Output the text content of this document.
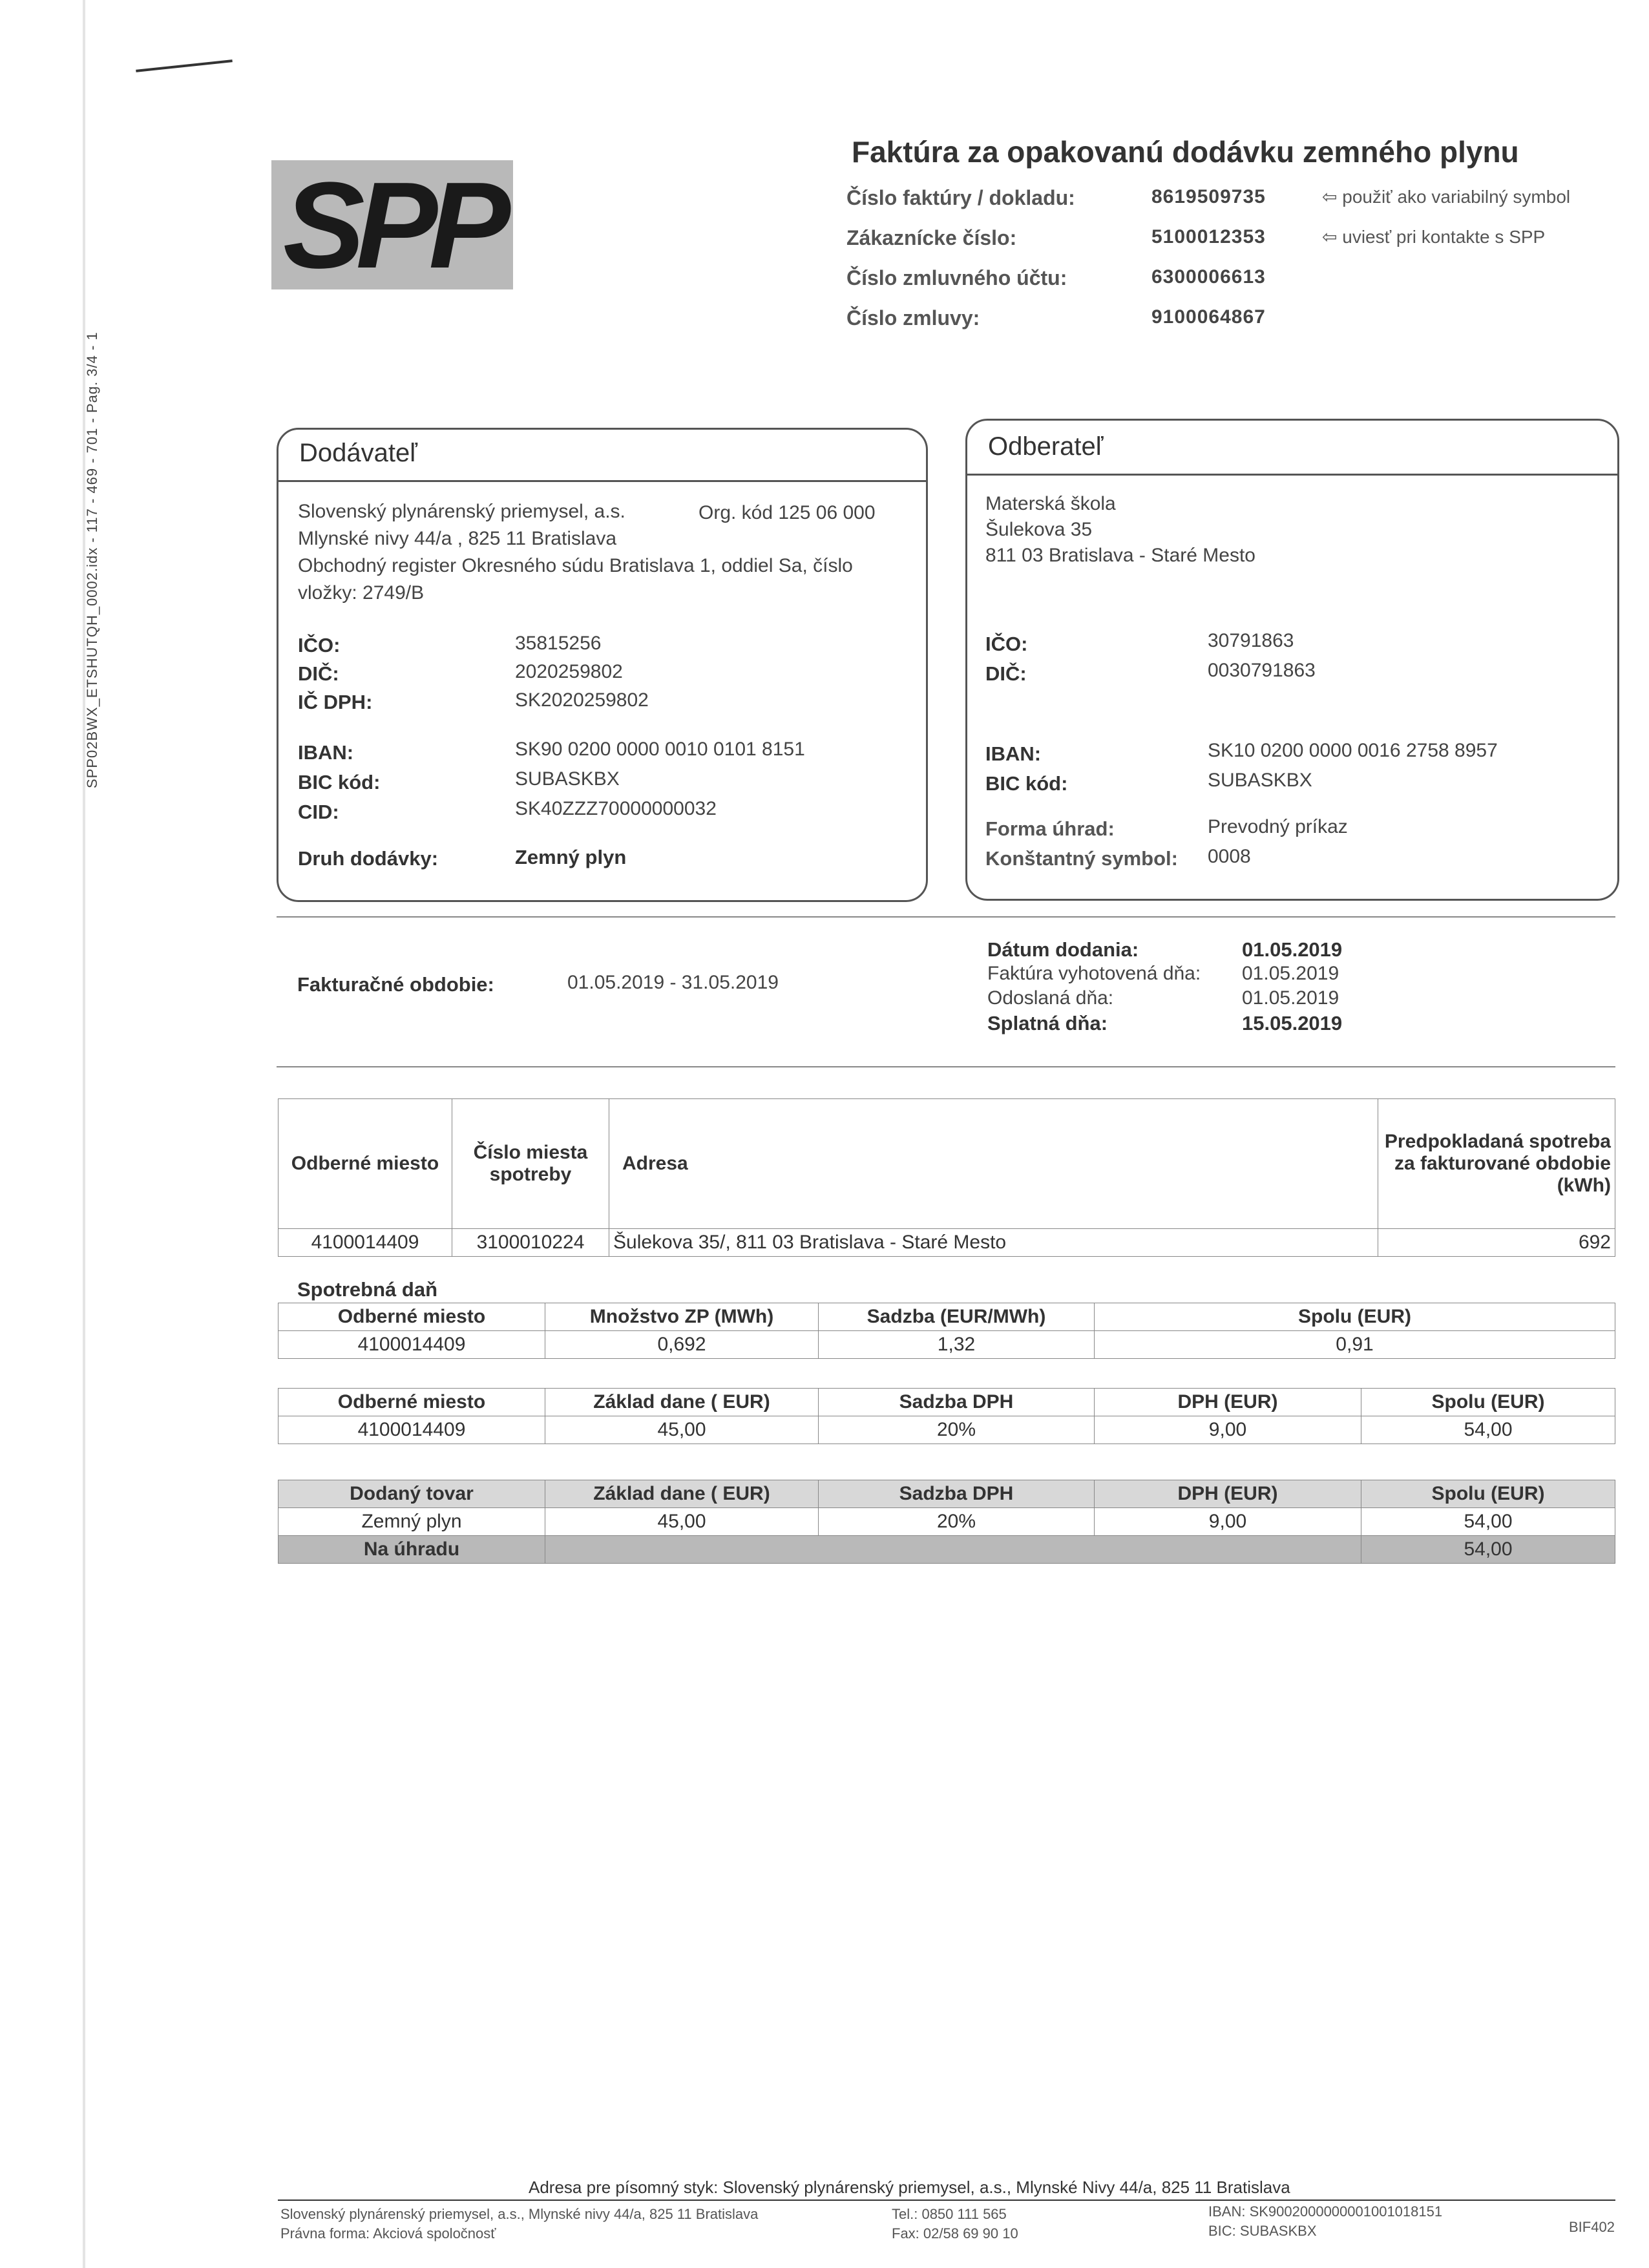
SPP02BWX_ETSHUTQH_0002.idx - 117 - 469 - 701 - Pag. 3/4 - 1
SPP
Faktúra za opakovanú dodávku zemného plynu
Číslo faktúry / dokladu:	8619509735	⇦ použiť ako variabilný symbol
Zákaznícke číslo:	5100012353	⇦ uviesť pri kontakte s SPP
Číslo zmluvného účtu:	6300006613
Číslo zmluvy:	9100064867
Dodávateľ
Slovenský plynárenský priemysel, a.s.	Org. kód 125 06 000
Mlynské nivy 44/a , 825 11 Bratislava
Obchodný register Okresného súdu Bratislava 1, oddiel Sa, číslo
vložky: 2749/B
IČO:	35815256
DIČ:	2020259802
IČ DPH:	SK2020259802
IBAN:	SK90 0200 0000 0010 0101 8151
BIC kód:	SUBASKBX
CID:	SK40ZZZ70000000032
Druh dodávky:	Zemný plyn
Odberateľ
Materská škola
Šulekova 35
811 03 Bratislava - Staré Mesto
IČO:	30791863
DIČ:	0030791863
IBAN:	SK10 0200 0000 0016 2758 8957
BIC kód:	SUBASKBX
Forma úhrad:	Prevodný príkaz
Konštantný symbol: 0008
Fakturačné obdobie:	01.05.2019 - 31.05.2019
Dátum dodania:	01.05.2019
Faktúra vyhotovená dňa: 01.05.2019
Odoslaná dňa:	01.05.2019
Splatná dňa:	15.05.2019
Odberné miesto	Číslo miesta spotreby	Adresa	Predpokladaná spotreba za fakturované obdobie (kWh)
4100014409	3100010224	Šulekova 35/, 811 03 Bratislava - Staré Mesto	692
Spotrebná daň
Odberné miesto	Množstvo ZP (MWh)	Sadzba (EUR/MWh)	Spolu (EUR)
4100014409	0,692	1,32	0,91
Odberné miesto	Základ dane ( EUR)	Sadzba DPH	DPH (EUR)	Spolu (EUR)
4100014409	45,00	20%	9,00	54,00
Dodaný tovar	Základ dane ( EUR)	Sadzba DPH	DPH (EUR)	Spolu (EUR)
Zemný plyn	45,00	20%	9,00	54,00
Na úhradu				54,00
Adresa pre písomný styk: Slovenský plynárenský priemysel, a.s., Mlynské Nivy 44/a, 825 11 Bratislava
Slovenský plynárenský priemysel, a.s., Mlynské nivy 44/a, 825 11 Bratislava
Právna forma: Akciová spoločnosť
Tel.: 0850 111 565
Fax: 02/58 69 90 10
IBAN: SK9002000000001001018151
BIC: SUBASKBX	BIF402
